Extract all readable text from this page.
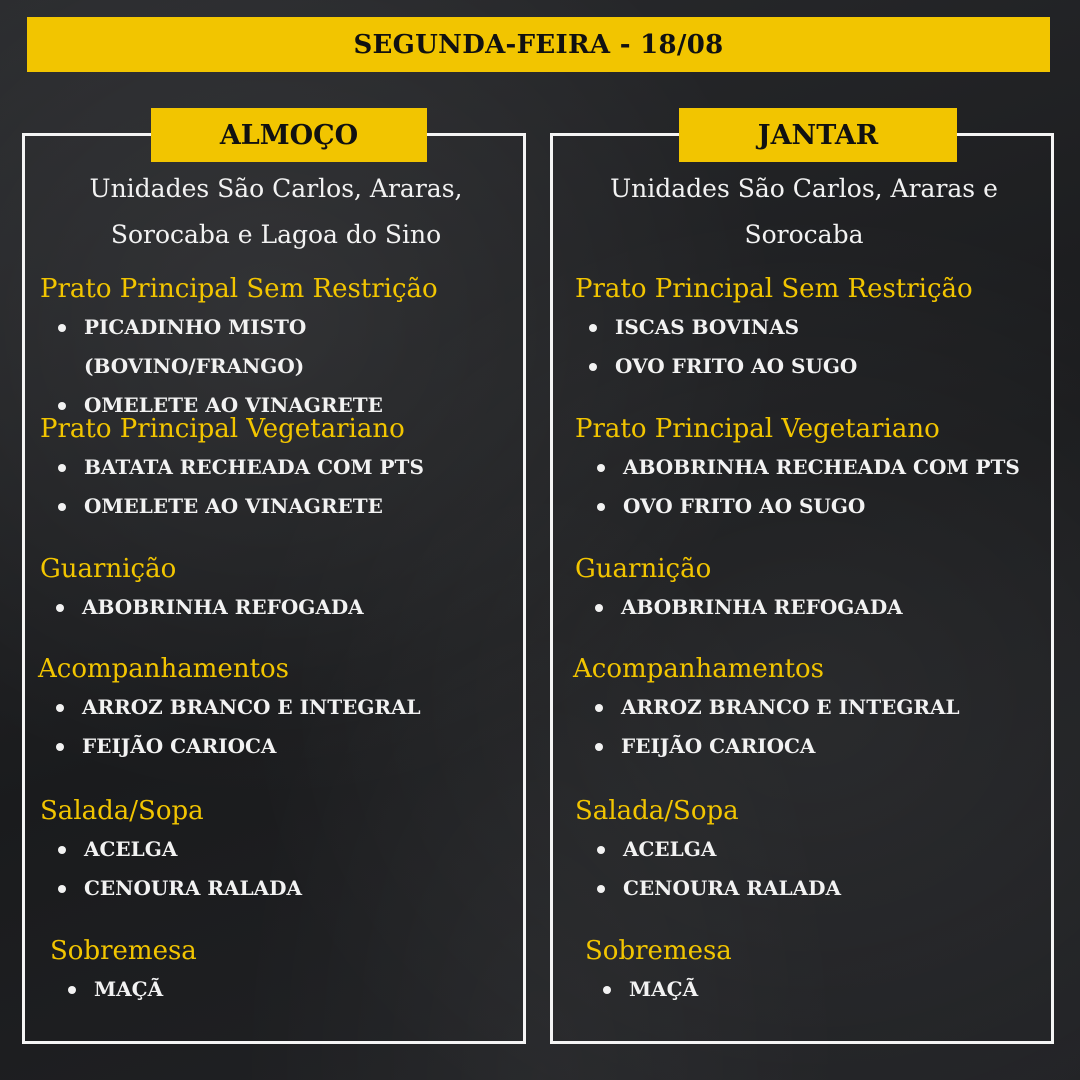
SEGUNDA-FEIRA - 18/08
ALMOÇO
Unidades São Carlos, Araras, Sorocaba e Lagoa do Sino
Prato Principal Sem Restrição
PICADINHO MISTO (BOVINO/FRANGO)
OMELETE AO VINAGRETE
Prato Principal Vegetariano
BATATA RECHEADA COM PTS
OMELETE AO VINAGRETE
Guarnição
ABOBRINHA REFOGADA
Acompanhamentos
ARROZ BRANCO E INTEGRAL
FEIJÃO CARIOCA
Salada/Sopa
ACELGA
CENOURA RALADA
Sobremesa
MAÇÃ
JANTAR
Unidades São Carlos, Araras e Sorocaba
Prato Principal Sem Restrição
ISCAS BOVINAS
OVO FRITO AO SUGO
Prato Principal Vegetariano
ABOBRINHA RECHEADA COM PTS
OVO FRITO AO SUGO
Guarnição
ABOBRINHA REFOGADA
Acompanhamentos
ARROZ BRANCO E INTEGRAL
FEIJÃO CARIOCA
Salada/Sopa
ACELGA
CENOURA RALADA
Sobremesa
MAÇÃ
